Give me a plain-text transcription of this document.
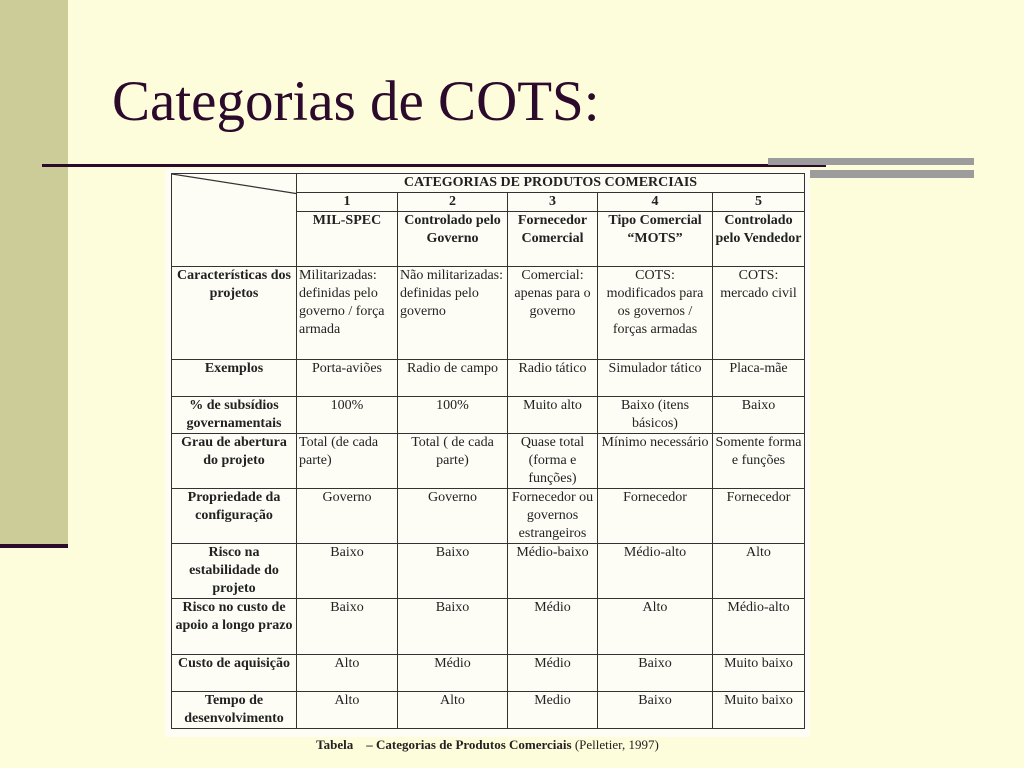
Categorias de COTS:
	CATEGORIAS DE PRODUTOS COMERCIAIS				
	1	2	3	4	5
	MIL-SPEC	Controlado pelo Governo	Fornecedor Comercial	Tipo Comercial “MOTS”	Controlado pelo Vendedor
Características dos projetos	Militarizadas: definidas pelo governo / força armada	Não militarizadas: definidas pelo governo	Comercial: apenas para o governo	COTS: modificados para os governos / forças armadas	COTS: mercado civil
Exemplos	Porta-aviões	Radio de campo	Radio tático	Simulador tático	Placa-mãe
% de subsídios governamentais	100%	100%	Muito alto	Baixo (itens básicos)	Baixo
Grau de abertura do projeto	Total (de cada parte)	Total ( de cada parte)	Quase total (forma e funções)	Mínimo necessário	Somente forma e funções
Propriedade da configuração	Governo	Governo	Fornecedor ou governos estrangeiros	Fornecedor	Fornecedor
Risco na estabilidade do projeto	Baixo	Baixo	Médio-baixo	Médio-alto	Alto
Risco no custo de apoio a longo prazo	Baixo	Baixo	Médio	Alto	Médio-alto
Custo de aquisição	Alto	Médio	Médio	Baixo	Muito baixo
Tempo de desenvolvimento	Alto	Alto	Medio	Baixo	Muito baixo

Tabela – Categorias de Produtos Comerciais (Pelletier, 1997)
